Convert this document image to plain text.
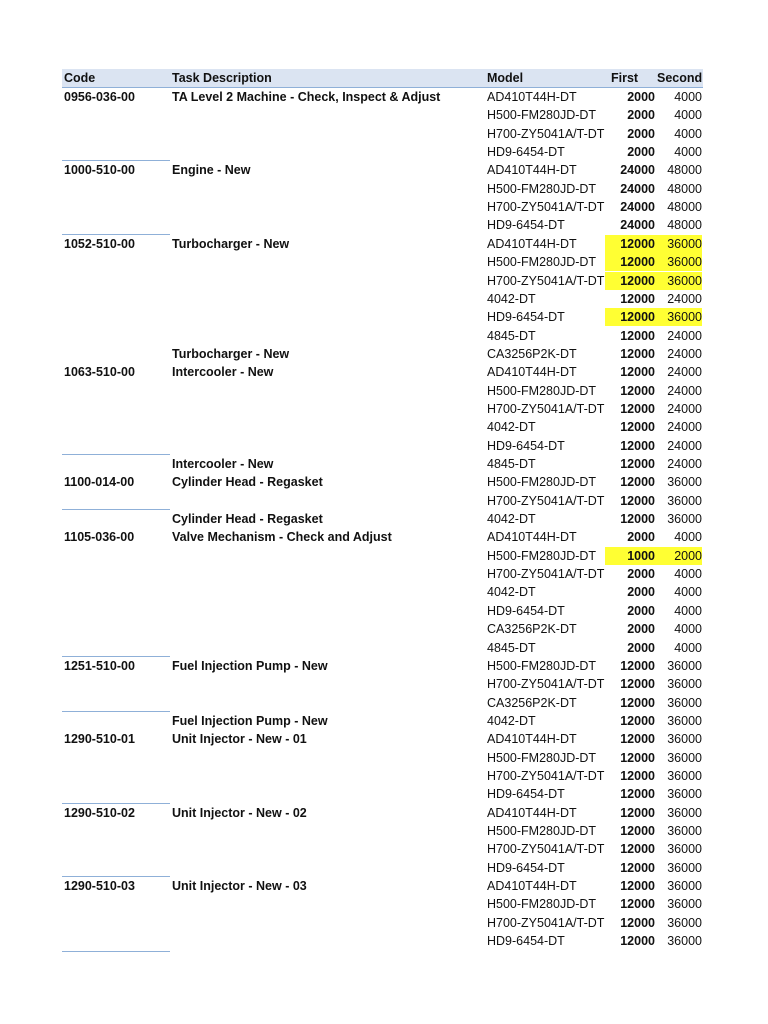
Code	Task Description	Model	First Second
0956-036-00	TA Level 2 Machine - Check, Inspect & Adjust	AD410T44H-DT	2000	4000
H500-FM280JD-DT	2000	4000
H700-ZY5041A/T-DT	2000	4000
HD9-6454-DT	2000	4000
1000-510-00	Engine - New	AD410T44H-DT	24000 48000
H500-FM280JD-DT	24000 48000
H700-ZY5041A/T-DT	24000 48000
HD9-6454-DT	24000 48000
1052-510-00	Turbocharger - New	AD410T44H-DT	12000 36000
H500-FM280JD-DT	12000 36000
H700-ZY5041A/T-DT	12000 36000
4042-DT	12000 24000
HD9-6454-DT	12000 36000
4845-DT	12000 24000
Turbocharger - New	CA3256P2K-DT	12000 24000
1063-510-00	Intercooler - New	AD410T44H-DT	12000 24000
H500-FM280JD-DT	12000 24000
H700-ZY5041A/T-DT	12000 24000
4042-DT	12000 24000
HD9-6454-DT	12000 24000
Intercooler - New	4845-DT	12000 24000
1100-014-00	Cylinder Head - Regasket	H500-FM280JD-DT	12000 36000
H700-ZY5041A/T-DT	12000 36000
Cylinder Head - Regasket	4042-DT	12000 36000
1105-036-00	Valve Mechanism - Check and Adjust	AD410T44H-DT	2000	4000
H500-FM280JD-DT	1000	2000
H700-ZY5041A/T-DT	2000	4000
4042-DT	2000	4000
HD9-6454-DT	2000	4000
CA3256P2K-DT	2000	4000
4845-DT	2000	4000
1251-510-00	Fuel Injection Pump - New	H500-FM280JD-DT	12000 36000
H700-ZY5041A/T-DT	12000 36000
CA3256P2K-DT	12000 36000
Fuel Injection Pump - New	4042-DT	12000 36000
1290-510-01	Unit Injector - New - 01	AD410T44H-DT	12000 36000
H500-FM280JD-DT	12000 36000
H700-ZY5041A/T-DT	12000 36000
HD9-6454-DT	12000 36000
1290-510-02	Unit Injector - New - 02	AD410T44H-DT	12000 36000
H500-FM280JD-DT	12000 36000
H700-ZY5041A/T-DT	12000 36000
HD9-6454-DT	12000 36000
1290-510-03	Unit Injector - New - 03	AD410T44H-DT	12000 36000
H500-FM280JD-DT	12000 36000
H700-ZY5041A/T-DT	12000 36000
HD9-6454-DT	12000 36000
